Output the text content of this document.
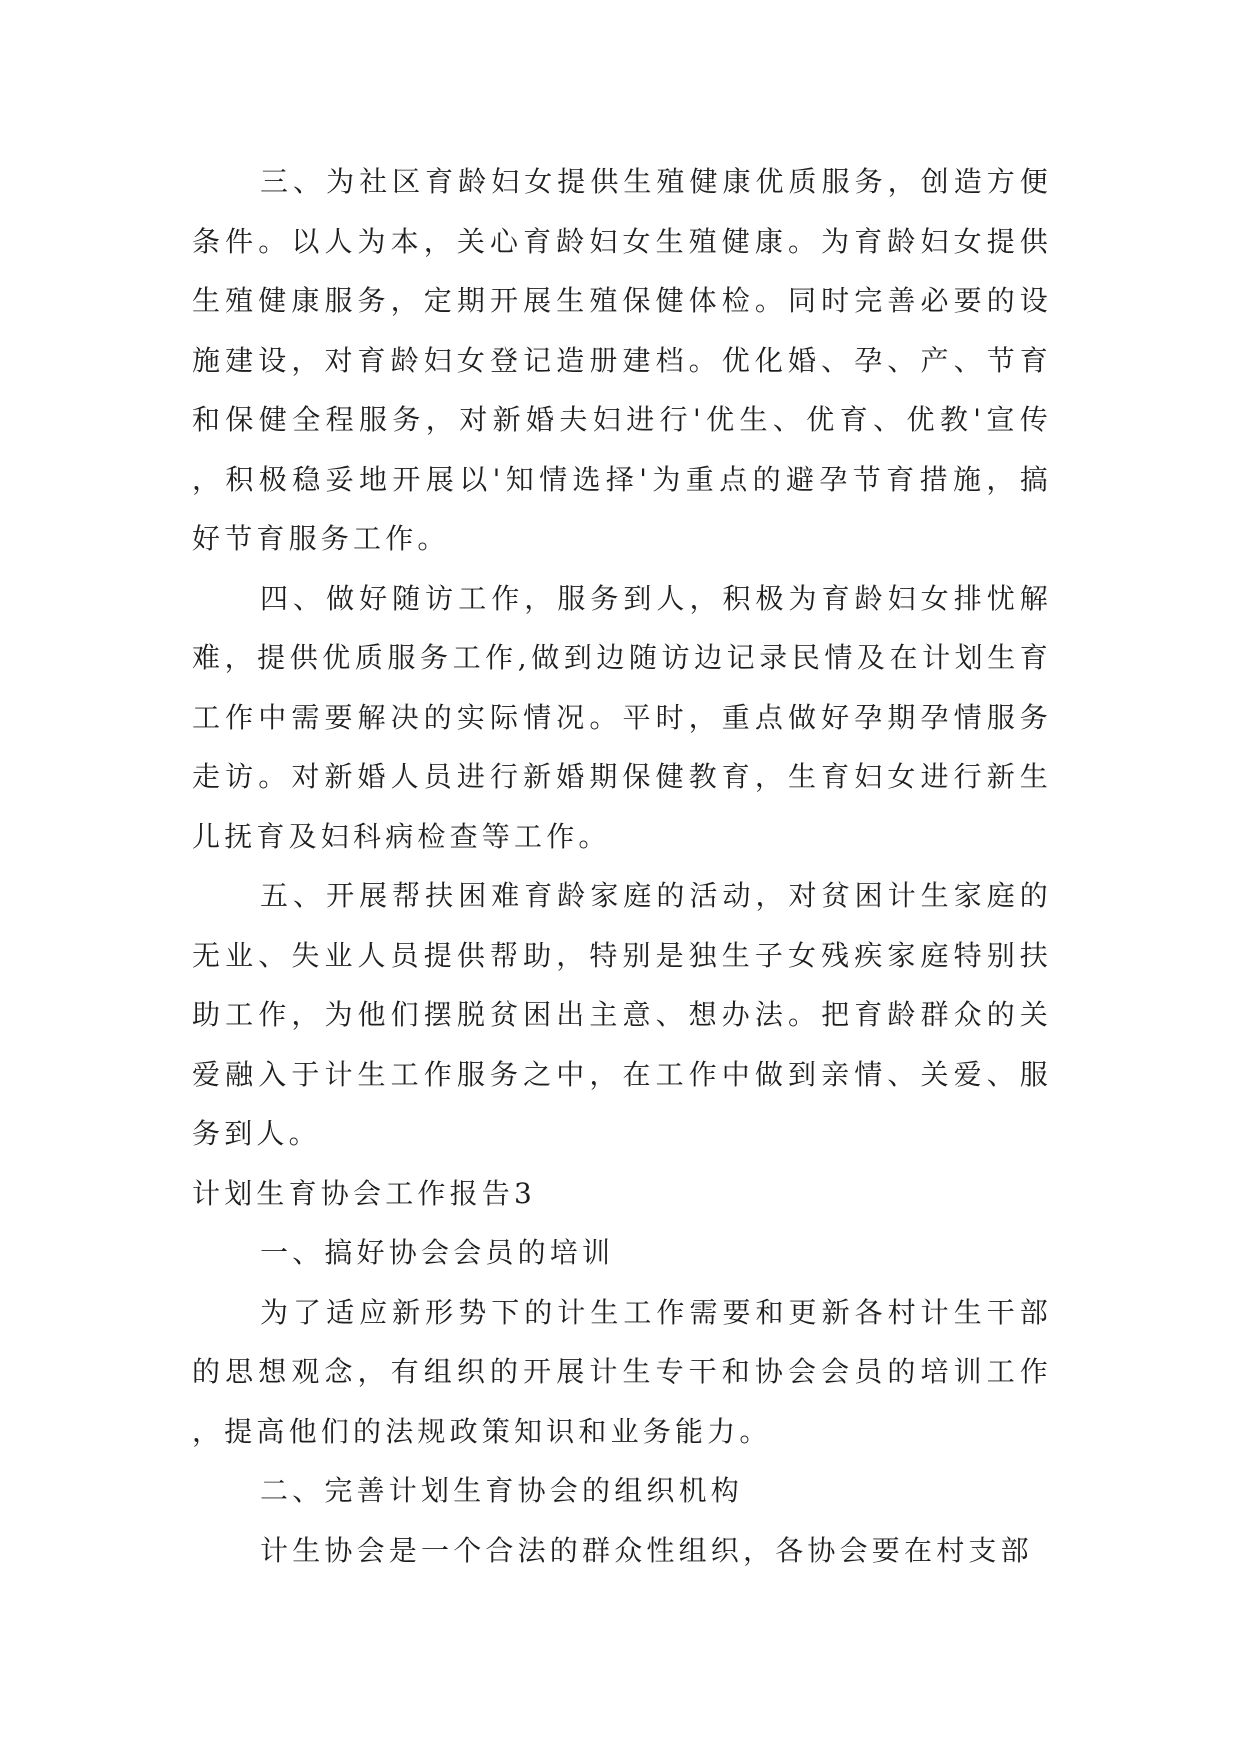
三、为社区育龄妇女提供生殖健康优质服务，创造方便条件。以人为本，关心育龄妇女生殖健康。为育龄妇女提供生殖健康服务，定期开展生殖保健体检。同时完善必要的设施建设，对育龄妇女登记造册建档。优化婚、孕、产、节育和保健全程服务，对新婚夫妇进行'优生、优育、优教'宣传，积极稳妥地开展以'知情选择'为重点的避孕节育措施，搞好节育服务工作。

四、做好随访工作，服务到人，积极为育龄妇女排忧解难，提供优质服务工作,做到边随访边记录民情及在计划生育工作中需要解决的实际情况。平时，重点做好孕期孕情服务走访。对新婚人员进行新婚期保健教育，生育妇女进行新生儿抚育及妇科病检查等工作。

五、开展帮扶困难育龄家庭的活动，对贫困计生家庭的无业、失业人员提供帮助，特别是独生子女残疾家庭特别扶助工作，为他们摆脱贫困出主意、想办法。把育龄群众的关爱融入于计生工作服务之中，在工作中做到亲情、关爱、服务到人。

计划生育协会工作报告3

一、搞好协会会员的培训

为了适应新形势下的计生工作需要和更新各村计生干部的思想观念，有组织的开展计生专干和协会会员的培训工作，提高他们的法规政策知识和业务能力。

二、完善计划生育协会的组织机构

计生协会是一个合法的群众性组织，各协会要在村支部
